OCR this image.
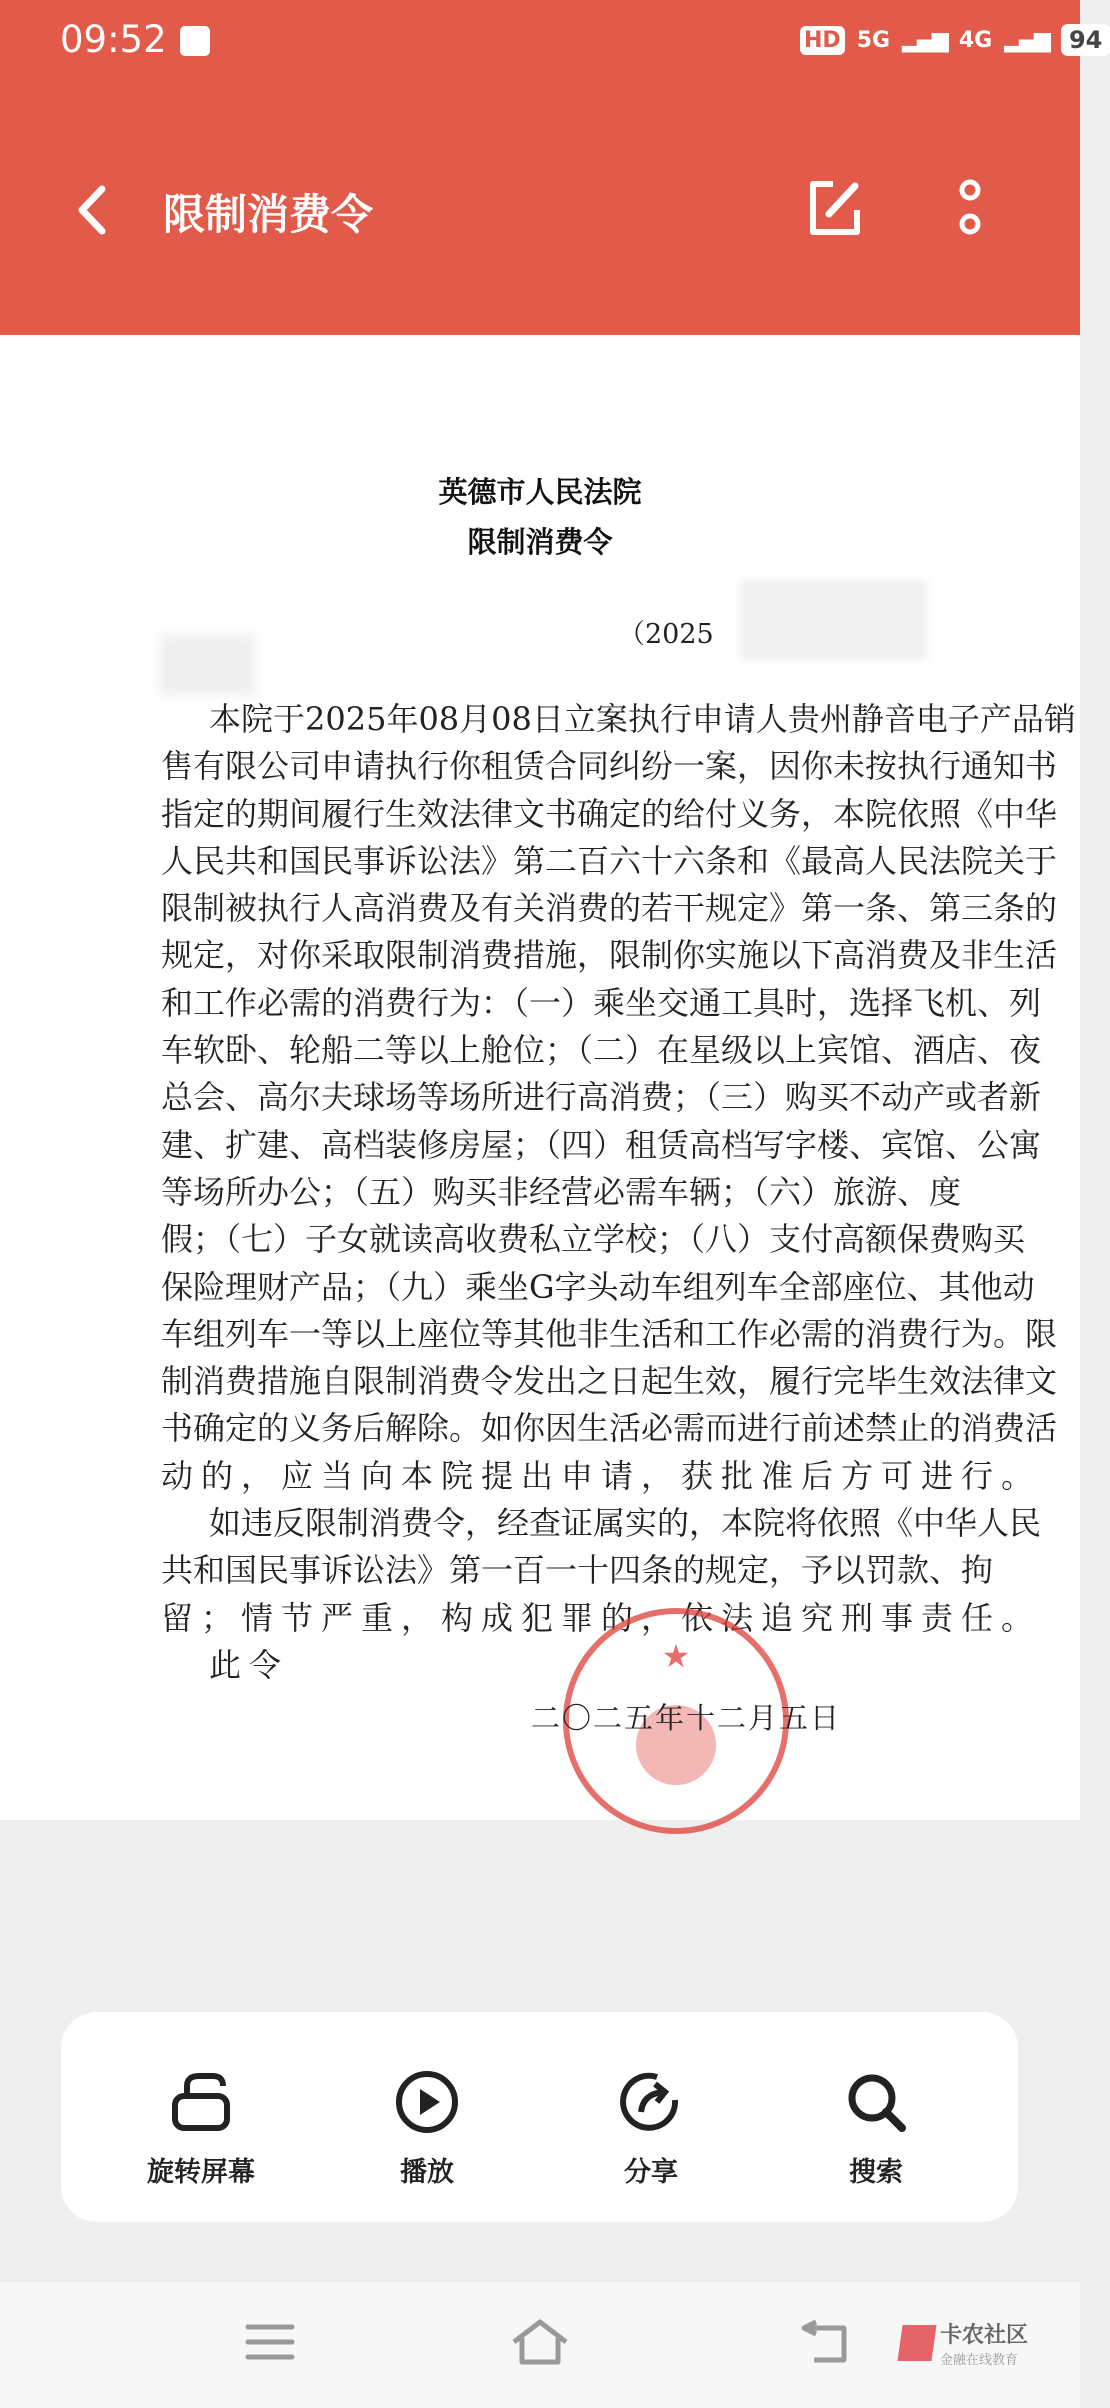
09:52	HD 5G ▂▄▆ 4G ▂▄▆ 94
限制消费令
英德市人民法院
限制消费令
（2025
本院于2025年08月08日立案执行申请人贵州静音电子产品销
售有限公司申请执行你租赁合同纠纷一案，因你未按执行通知书
指定的期间履行生效法律文书确定的给付义务，本院依照《中华
人民共和国民事诉讼法》第二百六十六条和《最高人民法院关于
限制被执行人高消费及有关消费的若干规定》第一条、第三条的
规定，对你采取限制消费措施，限制你实施以下高消费及非生活
和工作必需的消费行为：（一）乘坐交通工具时，选择飞机、列
车软卧、轮船二等以上舱位；（二）在星级以上宾馆、酒店、夜
总会、高尔夫球场等场所进行高消费；（三）购买不动产或者新
建、扩建、高档装修房屋；（四）租赁高档写字楼、宾馆、公寓
等场所办公；（五）购买非经营必需车辆；（六）旅游、度
假；（七）子女就读高收费私立学校；（八）支付高额保费购买
保险理财产品；（九）乘坐G字头动车组列车全部座位、其他动
车组列车一等以上座位等其他非生活和工作必需的消费行为。限
制消费措施自限制消费令发出之日起生效，履行完毕生效法律文
书确定的义务后解除。如你因生活必需而进行前述禁止的消费活
动的，应当向本院提出申请，获批准后方可进行。
如违反限制消费令，经查证属实的，本院将依照《中华人民
共和国民事诉讼法》第一百一十四条的规定，予以罚款、拘
留；情节严重，构成犯罪的，依法追究刑事责任。
此令	★
二〇二五年十二月五日
旋转屏幕	播放	分享	搜索
卡农社区
金融在线教育
